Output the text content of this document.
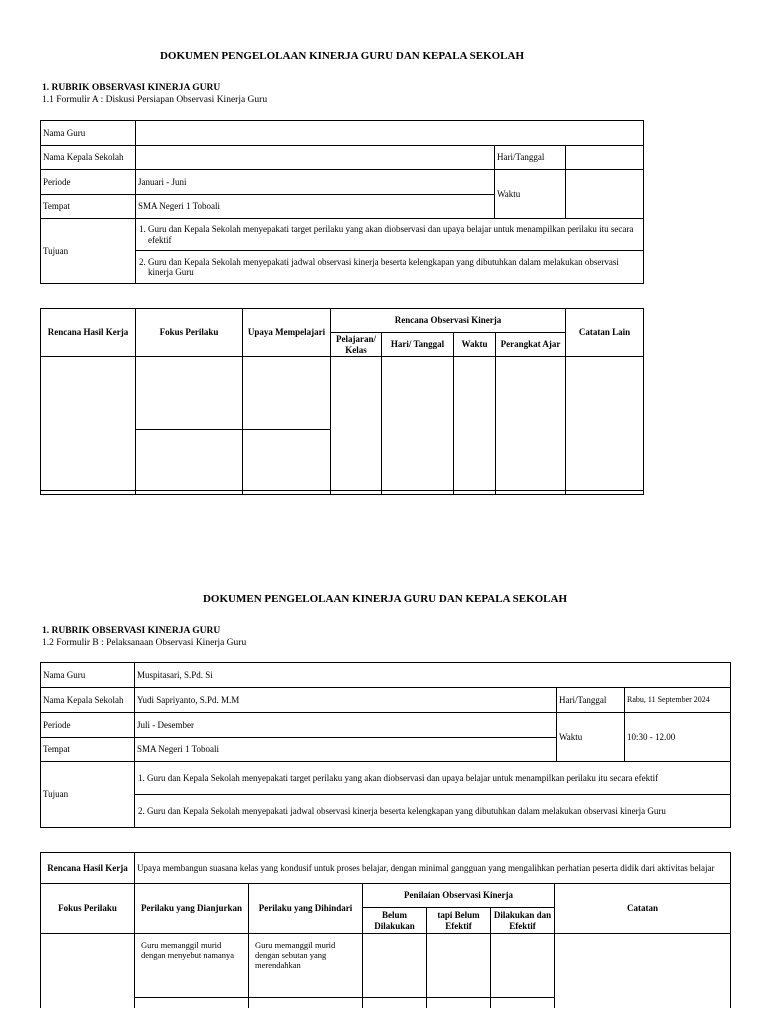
DOKUMEN PENGELOLAAN KINERJA GURU DAN KEPALA SEKOLAH
1. RUBRIK OBSERVASI KINERJA GURU
1.1 Formulir A : Diskusi Persiapan Observasi Kinerja Guru
Nama Guru			
Nama Kepala Sekolah		Hari/Tanggal	
Periode	Januari - Juni	Waktu	
Tempat	SMA Negeri 1 Toboali		
Tujuan	1. Guru dan Kepala Sekolah menyepakati target perilaku yang akan diobservasi dan upaya belajar untuk menampilkan perilaku itu secara efektif		
	2. Guru dan Kepala Sekolah menyepakati jadwal observasi kinerja beserta kelengkapan yang dibutuhkan dalam melakukan observasi kinerja Guru		
Rencana Hasil Kerja	Fokus Perilaku	Upaya Mempelajari	Rencana Observasi Kinerja				Catatan Lain
			Pelajaran/ Kelas	Hari/ Tanggal	Waktu	Perangkat Ajar	

DOKUMEN PENGELOLAAN KINERJA GURU DAN KEPALA SEKOLAH
1. RUBRIK OBSERVASI KINERJA GURU
1.2 Formulir B : Pelaksanaan Observasi Kinerja Guru
Nama Guru	Muspitasari, S.Pd. Si		
Nama Kepala Sekolah	Yudi Sapriyanto, S.Pd. M.M	Hari/Tanggal	Rabu, 11 September 2024
Periode	Juli - Desember	Waktu	10:30 - 12.00
Tempat	SMA Negeri 1 Toboali		
Tujuan	1. Guru dan Kepala Sekolah menyepakati target perilaku yang akan diobservasi dan upaya belajar untuk menampilkan perilaku itu secara efektif		
	2. Guru dan Kepala Sekolah menyepakati jadwal observasi kinerja beserta kelengkapan yang dibutuhkan dalam melakukan observasi kinerja Guru		
Rencana Hasil Kerja	Upaya membangun suasana kelas yang kondusif untuk proses belajar, dengan minimal gangguan yang mengalihkan perhatian peserta didik dari aktivitas belajar					
Fokus Perilaku	Perilaku yang Dianjurkan	Perilaku yang Dihindari	Penilaian Observasi Kinerja			Catatan
			Belum Dilakukan	tapi Belum Efektif	Dilakukan dan Efektif	
	Guru memanggil murid dengan menyebut namanya	Guru memanggil murid dengan sebutan yang merendahkan				
